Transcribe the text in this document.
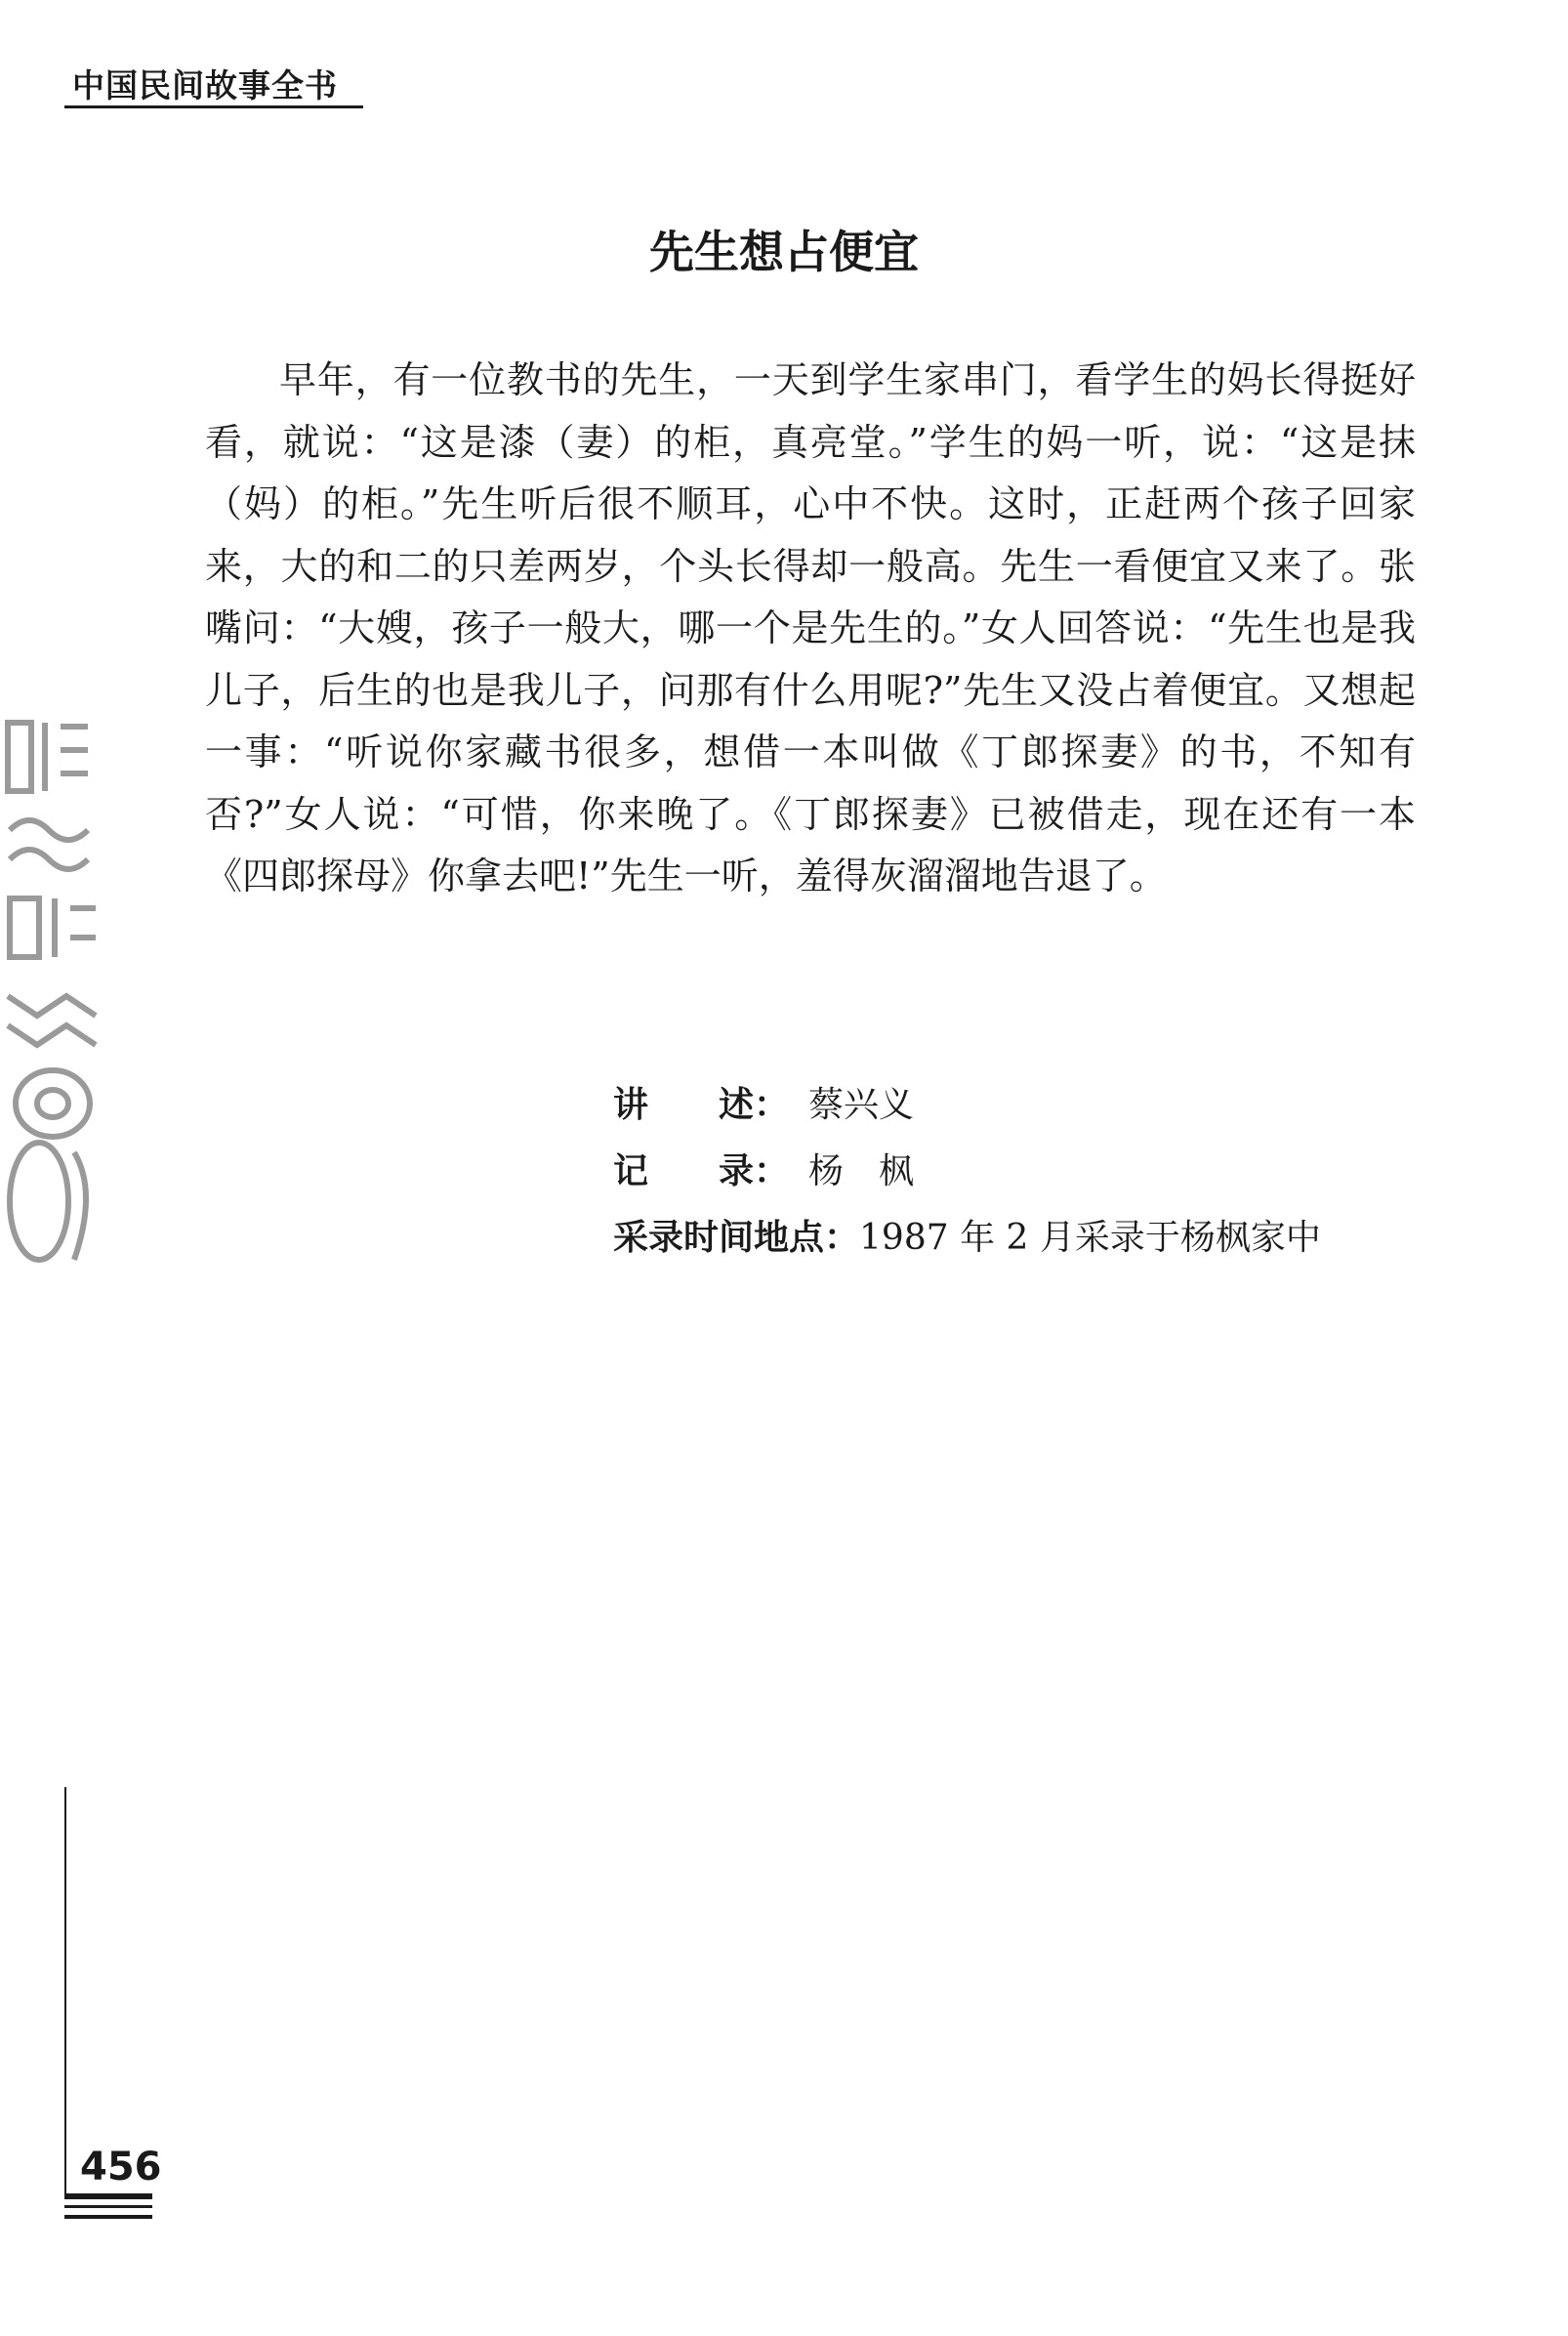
中国民间故事全书
先生想占便宜

早年，有一位教书的先生，一天到学生家串门，看学生的妈长得挺好看，就说：“这是漆（妻）的柜，真亮堂。”学生的妈一听，说：“这是抹（妈）的柜。”先生听后很不顺耳，心中不快。这时，正赶两个孩子回家来，大的和二的只差两岁，个头长得却一般高。先生一看便宜又来了。张嘴问：“大嫂，孩子一般大，哪一个是先生的。”女人回答说：“先生也是我儿子，后生的也是我儿子，问那有什么用呢?”先生又没占着便宜。又想起一事：“听说你家藏书很多，想借一本叫做《丁郎探妻》的书，不知有否?”女人说：“可惜，你来晚了。《丁郎探妻》已被借走，现在还有一本《四郎探母》你拿去吧!”先生一听，羞得灰溜溜地告退了。

讲　　述： 蔡兴义
记　　录： 杨　枫
采录时间地点：1987 年 2 月采录于杨枫家中
456
